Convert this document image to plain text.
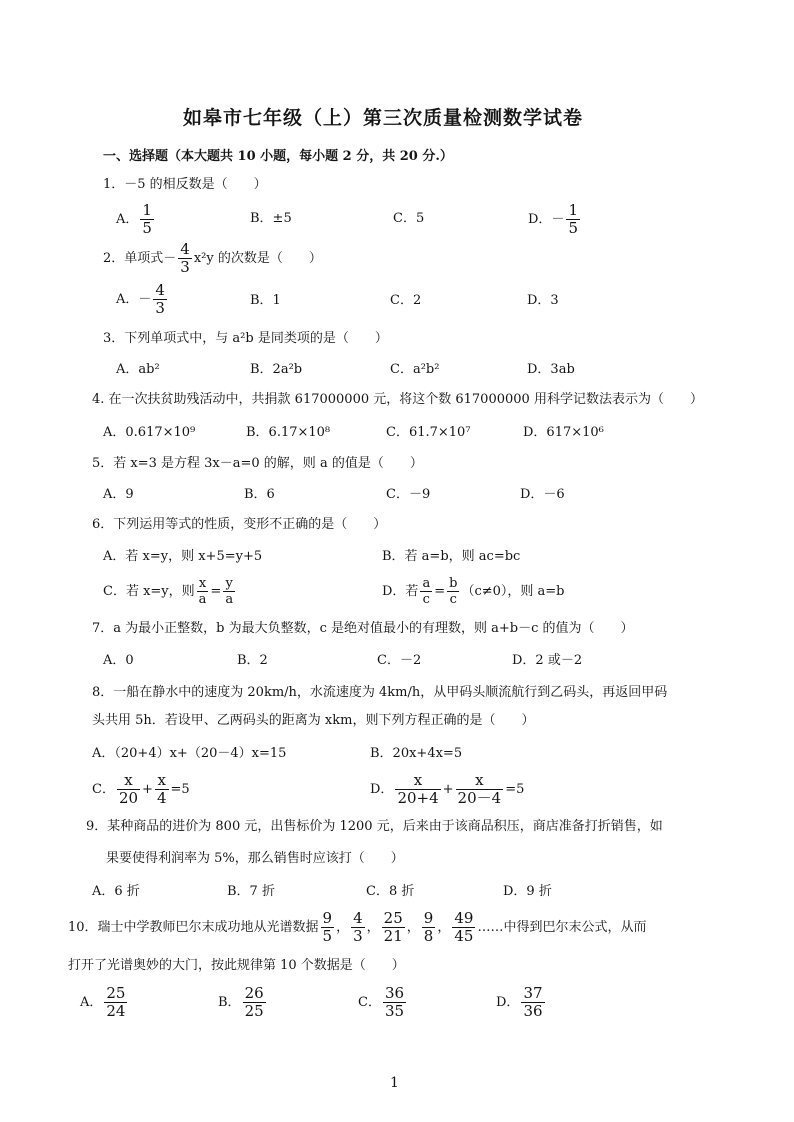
如皋市七年级（上）第三次质量检测数学试卷
一、选择题（本大题共 10 小题，每小题 2 分，共 20 分.）
1．－5 的相反数是（　　）
A． $\frac{1}{5}$	B．±5	C．5	D．－ $\frac{1}{5}$
2．单项式－ $\frac{4}{3} x^2y$ 的次数是（　　）
A．－ $\frac{4}{3}$	B．1	C．2	D．3
3．下列单项式中，与 a²b 是同类项的是（　　）
A．ab²	B．2a²b	C．a²b²	D．3ab
4. 在一次扶贫助残活动中，共捐款 617000000 元，将这个数 617000000 用科学记数法表示为（　　）
A．0.617×10⁹	B．6.17×10⁸	C．61.7×10⁷	D．617×10⁶
5．若 x=3 是方程 3x－a=0 的解，则 a 的值是（　　）
A．9	B．6	C．－9	D．－6
6．下列运用等式的性质，变形不正确的是（　　）
A．若 x=y，则 x+5=y+5	B．若 a=b，则 ac=bc
C．若 x=y，则 $\frac{x}{a} = \frac{y}{a}$	D．若 $\frac{a}{c} = \frac{b}{c} (c\ne 0)$，则 a=b
7．a 为最小正整数，b 为最大负整数，c 是绝对值最小的有理数，则 a+b－c 的值为（　　）
A．0	B．2	C．－2	D．2 或－2
8．一船在静水中的速度为 20km/h，水流速度为 4km/h，从甲码头顺流航行到乙码头，再返回甲码
头共用 5h．若设甲、乙两码头的距离为 xkm，则下列方程正确的是（　　）
A．（20+4）x+（20－4）x=15	B．20x+4x=5
C． $\frac{x}{20} + \frac{x}{4} =5$	D． $\frac{x}{20+4} + \frac{x}{20-4} =5$
9．某种商品的进价为 800 元，出售标价为 1200 元，后来由于该商品积压，商店准备打折销售，如
果要使得利润率为 5%，那么销售时应该打（　　）
A．6 折	B．7 折	C．8 折	D．9 折
10．瑞士中学教师巴尔末成功地从光谱数据 $\frac{9}{5}$ ， $\frac{4}{3}$ ， $\frac{25}{21}$ ， $\frac{9}{8}$ ， $\frac{49}{45}$ ……中得到巴尔末公式，从而
打开了光谱奥妙的大门，按此规律第 10 个数据是（　　）
A． $\frac{25}{24}$	B． $\frac{26}{25}$	C． $\frac{36}{35}$	D． $\frac{37}{36}$
1
